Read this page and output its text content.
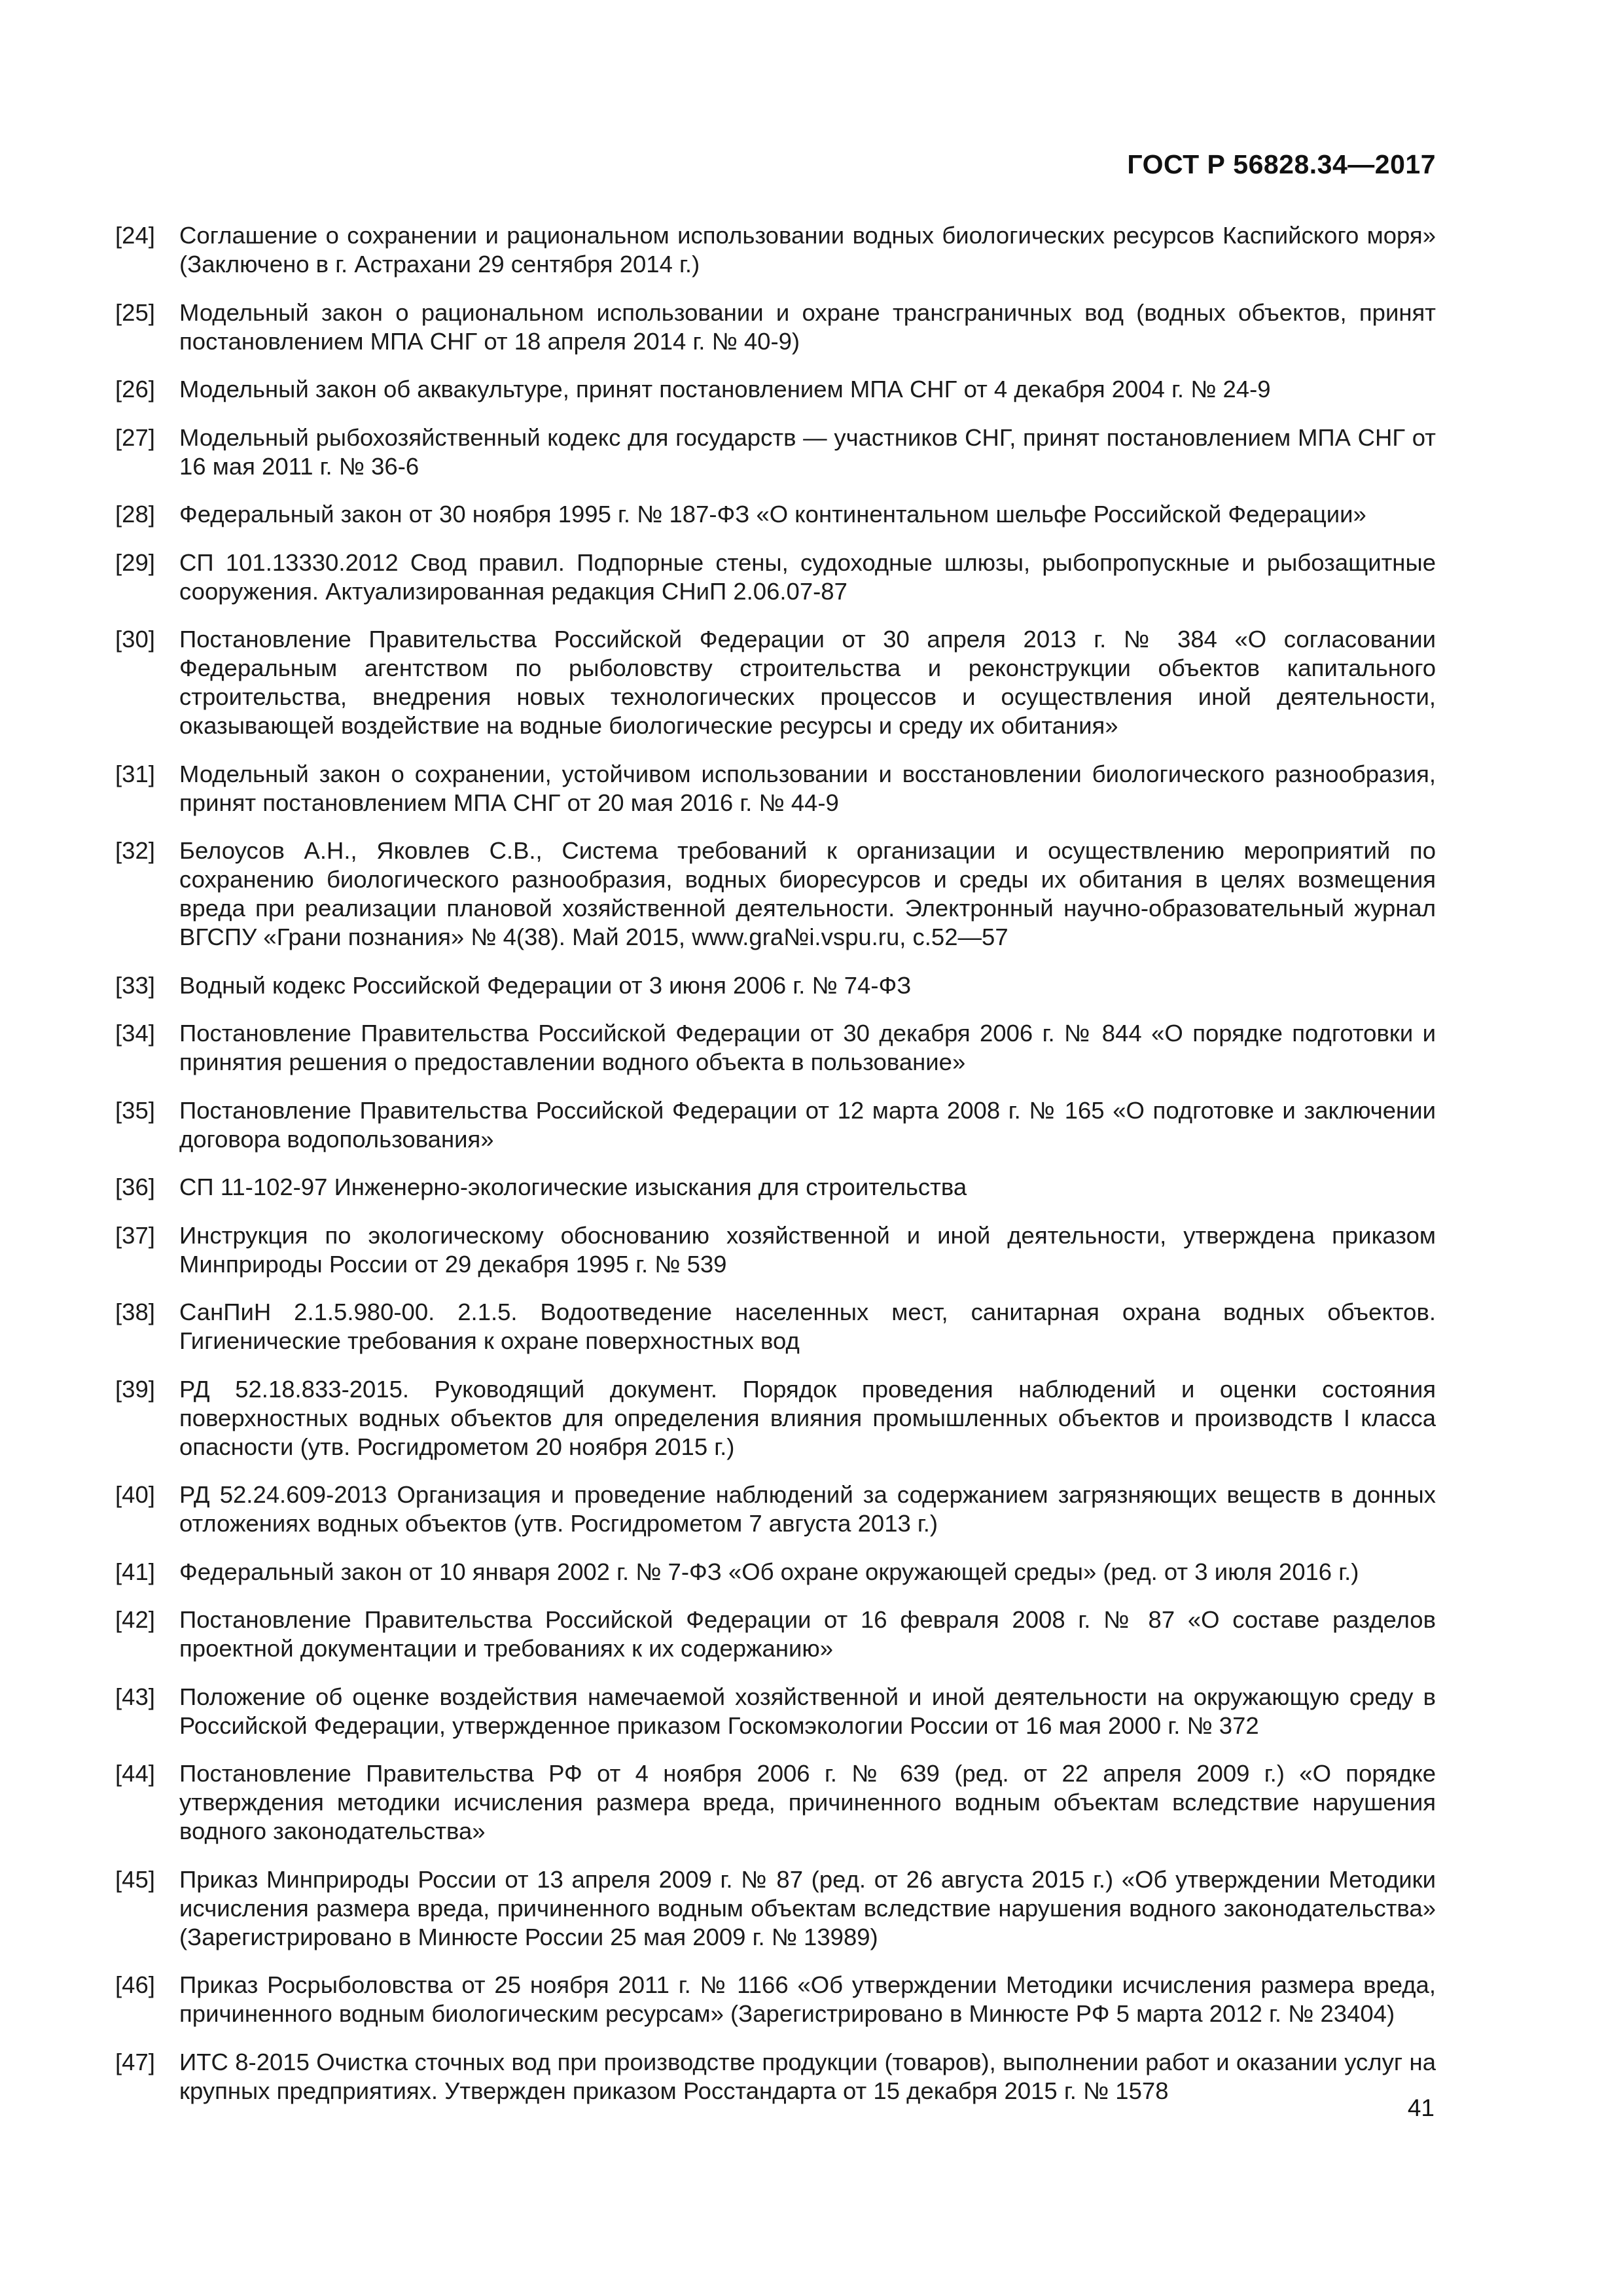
ГОСТ Р 56828.34—2017
[24]	Соглашение о сохранении и рациональном использовании водных биологических ресурсов Каспийского моря» (Заключено в г. Астрахани 29 сентября 2014 г.)
[25]	Модельный закон о рациональном использовании и охране трансграничных вод (водных объектов, принят постановлением МПА СНГ от 18 апреля 2014 г. № 40-9)
[26]	Модельный закон об аквакультуре, принят постановлением МПА СНГ от 4 декабря 2004 г. № 24-9
[27]	Модельный рыбохозяйственный кодекс для государств — участников СНГ, принят постановлением МПА СНГ от 16 мая 2011 г. № 36-6
[28]	Федеральный закон от 30 ноября 1995 г. № 187-ФЗ «О континентальном шельфе Российской Федерации»
[29]	СП 101.13330.2012 Свод правил. Подпорные стены, судоходные шлюзы, рыбопропускные и рыбозащитные сооружения. Актуализированная редакция СНиП 2.06.07-87
[30]	Постановление Правительства Российской Федерации от 30 апреля 2013 г. № 384 «О согласовании Федеральным агентством по рыболовству строительства и реконструкции объектов капитального строительства, внедрения новых технологических процессов и осуществления иной деятельности, оказывающей воздействие на водные биологические ресурсы и среду их обитания»
[31]	Модельный закон о сохранении, устойчивом использовании и восстановлении биологического разнообразия, принят постановлением МПА СНГ от 20 мая 2016 г. № 44-9
[32]	Белоусов А.Н., Яковлев С.В., Система требований к организации и осуществлению мероприятий по сохранению биологического разнообразия, водных биоресурсов и среды их обитания в целях возмещения вреда при реализации плановой хозяйственной деятельности. Электронный научно-образовательный журнал ВГСПУ «Грани познания» № 4(38). Май 2015, www.gra№i.vspu.ru, с.52—57
[33]	Водный кодекс Российской Федерации от 3 июня 2006 г. № 74-ФЗ
[34]	Постановление Правительства Российской Федерации от 30 декабря 2006 г. № 844 «О порядке подготовки и принятия решения о предоставлении водного объекта в пользование»
[35]	Постановление Правительства Российской Федерации от 12 марта 2008 г. № 165 «О подготовке и заключении договора водопользования»
[36]	СП 11-102-97 Инженерно-экологические изыскания для строительства
[37]	Инструкция по экологическому обоснованию хозяйственной и иной деятельности, утверждена приказом Минприроды России от 29 декабря 1995 г. № 539
[38]	СанПиН 2.1.5.980-00. 2.1.5. Водоотведение населенных мест, санитарная охрана водных объектов. Гигиенические требования к охране поверхностных вод
[39]	РД 52.18.833-2015. Руководящий документ. Порядок проведения наблюдений и оценки состояния поверхностных водных объектов для определения влияния промышленных объектов и производств I класса опасности (утв. Росгидрометом 20 ноября 2015 г.)
[40]	РД 52.24.609-2013 Организация и проведение наблюдений за содержанием загрязняющих веществ в донных отложениях водных объектов (утв. Росгидрометом 7 августа 2013 г.)
[41]	Федеральный закон от 10 января 2002 г. № 7-ФЗ «Об охране окружающей среды» (ред. от 3 июля 2016 г.)
[42]	Постановление Правительства Российской Федерации от 16 февраля 2008 г. № 87 «О составе разделов проектной документации и требованиях к их содержанию»
[43]	Положение об оценке воздействия намечаемой хозяйственной и иной деятельности на окружающую среду в Российской Федерации, утвержденное приказом Госкомэкологии России от 16 мая 2000 г. № 372
[44]	Постановление Правительства РФ от 4 ноября 2006 г. № 639 (ред. от 22 апреля 2009 г.) «О порядке утверждения методики исчисления размера вреда, причиненного водным объектам вследствие нарушения водного законодательства»
[45]	Приказ Минприроды России от 13 апреля 2009 г. № 87 (ред. от 26 августа 2015 г.) «Об утверждении Методики исчисления размера вреда, причиненного водным объектам вследствие нарушения водного законодательства» (Зарегистрировано в Минюсте России 25 мая 2009 г. № 13989)
[46]	Приказ Росрыболовства от 25 ноября 2011 г. № 1166 «Об утверждении Методики исчисления размера вреда, причиненного водным биологическим ресурсам» (Зарегистрировано в Минюсте РФ 5 марта 2012 г. № 23404)
[47]	ИТС 8-2015 Очистка сточных вод при производстве продукции (товаров), выполнении работ и оказании услуг на крупных предприятиях. Утвержден приказом Росстандарта от 15 декабря 2015 г. № 1578
41
